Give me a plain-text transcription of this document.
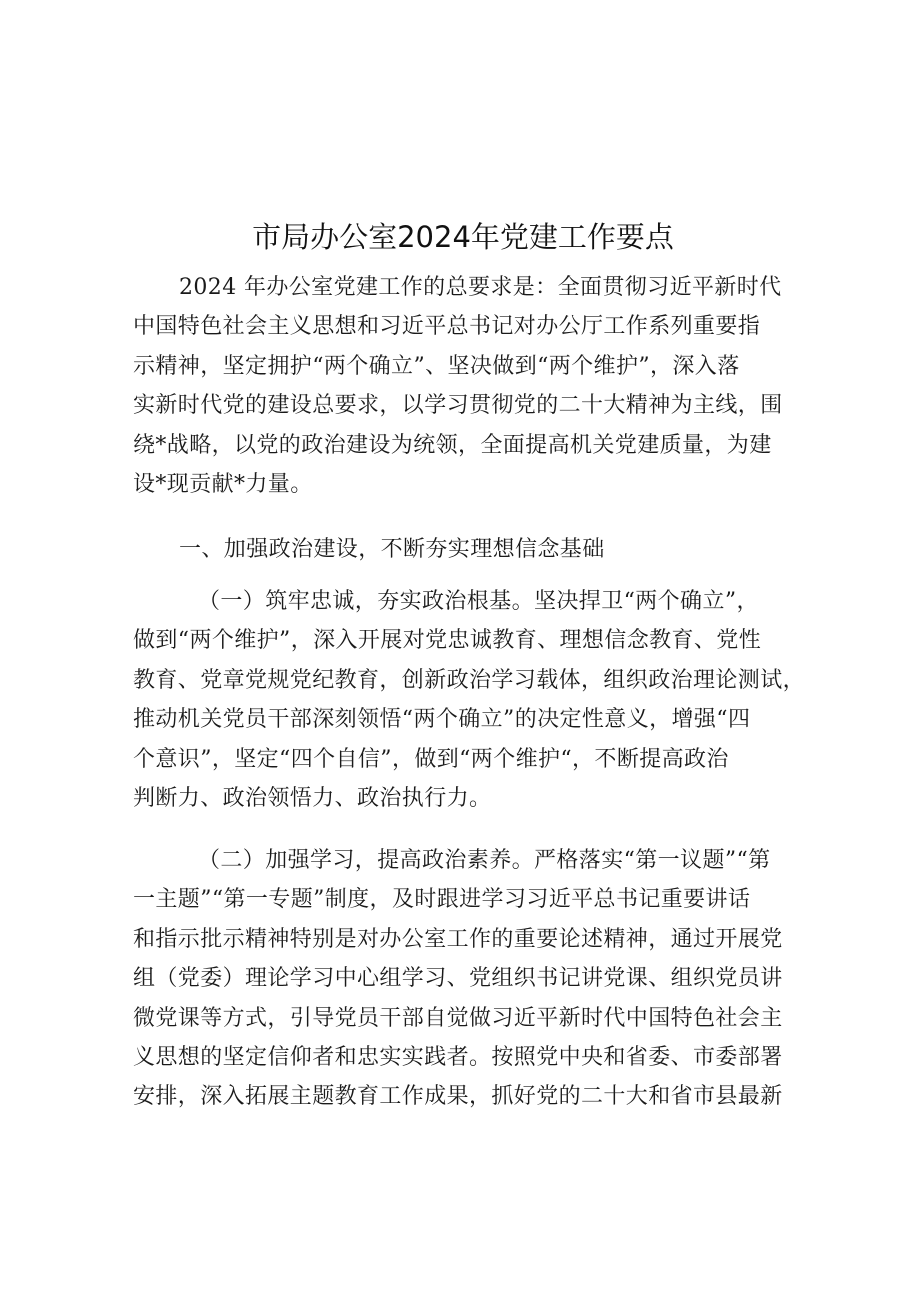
市局办公室2024年党建工作要点
2024 年办公室党建工作的总要求是：全面贯彻习近平新时代
中国特色社会主义思想和习近平总书记对办公厅工作系列重要指
示精神，坚定拥护“两个确立”、坚决做到“两个维护”，深入落
实新时代党的建设总要求，以学习贯彻党的二十大精神为主线，围
绕*战略，以党的政治建设为统领，全面提高机关党建质量，为建
设*现贡献*力量。
一、加强政治建设，不断夯实理想信念基础
（一）筑牢忠诚，夯实政治根基。坚决捍卫“两个确立”，
做到“两个维护”，深入开展对党忠诚教育、理想信念教育、党性
教育、党章党规党纪教育，创新政治学习载体，组织政治理论测试，
推动机关党员干部深刻领悟“两个确立”的决定性意义，增强“四
个意识”，坚定“四个自信”，做到“两个维护“，不断提高政治
判断力、政治领悟力、政治执行力。
（二）加强学习，提高政治素养。严格落实“第一议题”“第
一主题”“第一专题”制度，及时跟进学习习近平总书记重要讲话
和指示批示精神特别是对办公室工作的重要论述精神，通过开展党
组（党委）理论学习中心组学习、党组织书记讲党课、组织党员讲
微党课等方式，引导党员干部自觉做习近平新时代中国特色社会主
义思想的坚定信仰者和忠实实践者。按照党中央和省委、市委部署
安排，深入拓展主题教育工作成果，抓好党的二十大和省市县最新
